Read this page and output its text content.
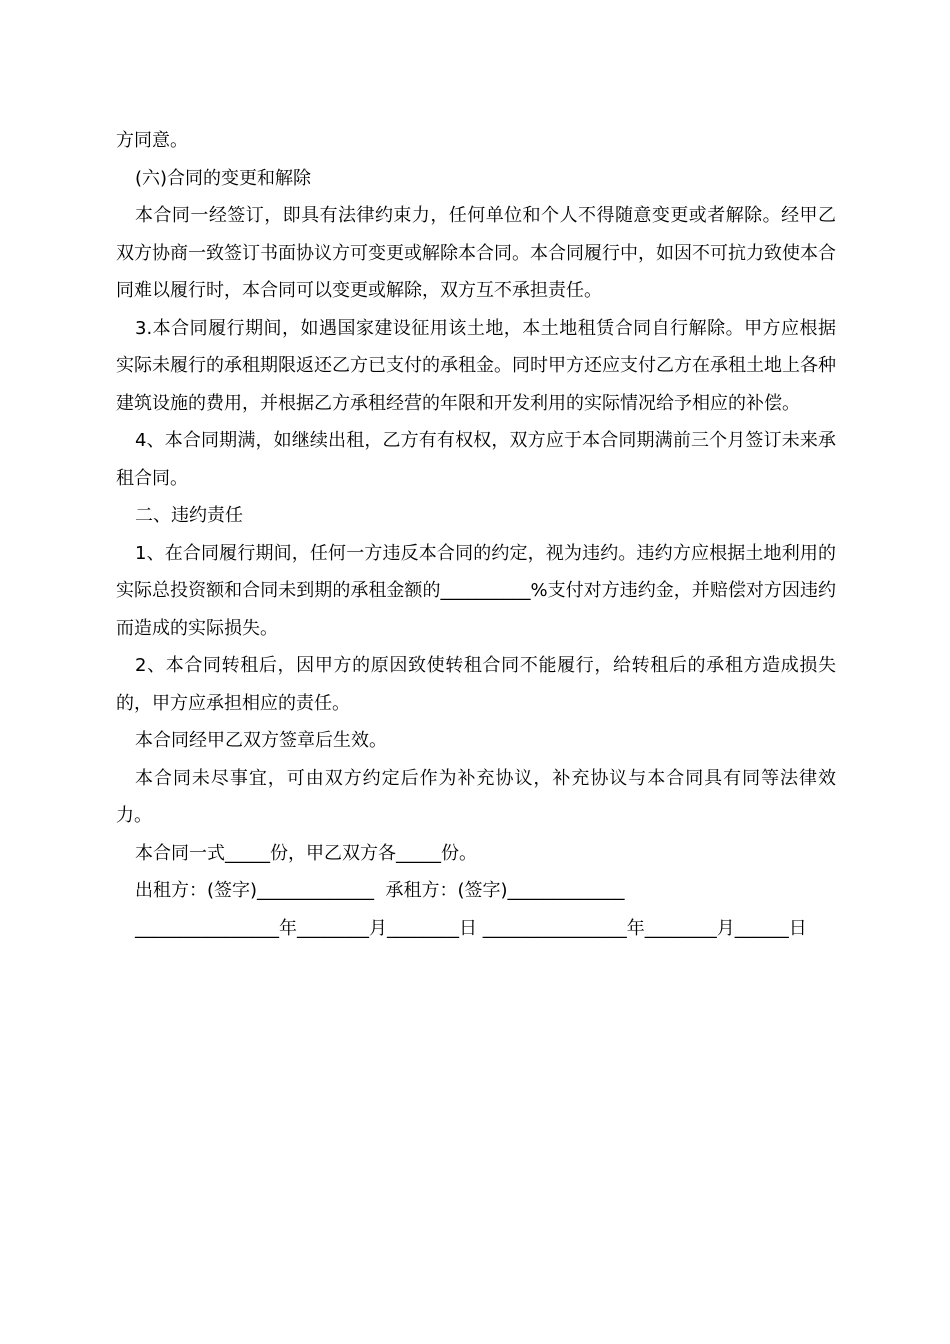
方同意。

(六)合同的变更和解除

本合同一经签订，即具有法律约束力，任何单位和个人不得随意变更或者解除。经甲乙双方协商一致签订书面协议方可变更或解除本合同。本合同履行中，如因不可抗力致使本合同难以履行时，本合同可以变更或解除，双方互不承担责任。

3.本合同履行期间，如遇国家建设征用该土地，本土地租赁合同自行解除。甲方应根据实际未履行的承租期限返还乙方已支付的承租金。同时甲方还应支付乙方在承租土地上各种建筑设施的费用，并根据乙方承租经营的年限和开发利用的实际情况给予相应的补偿。

4、本合同期满，如继续出租，乙方有有权权，双方应于本合同期满前三个月签订未来承租合同。

二、违约责任

1、在合同履行期间，任何一方违反本合同的约定，视为违约。违约方应根据土地利用的实际总投资额和合同未到期的承租金额的__________%支付对方违约金，并赔偿对方因违约而造成的实际损失。

2、本合同转租后，因甲方的原因致使转租合同不能履行，给转租后的承租方造成损失的，甲方应承担相应的责任。

本合同经甲乙双方签章后生效。

本合同未尽事宜，可由双方约定后作为补充协议，补充协议与本合同具有同等法律效力。

本合同一式_____份，甲乙双方各_____份。

出租方：(签字)_____________  承租方：(签字)_____________

________________年________月________日 ________________年________月______日
